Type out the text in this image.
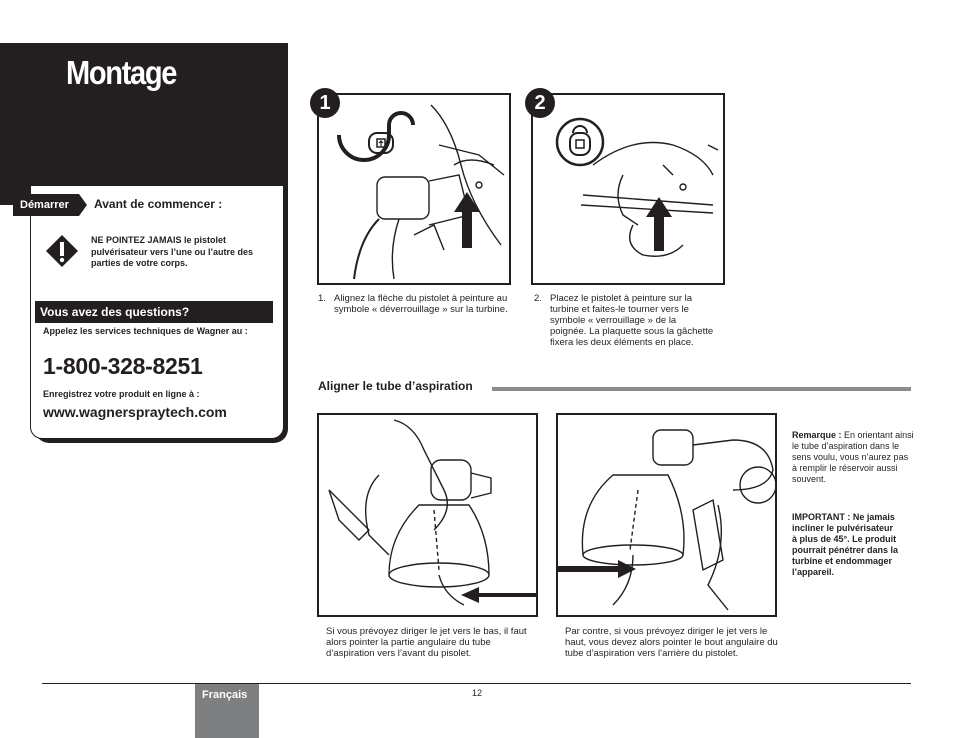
Montage
Démarrer	Avant de commencer :
NE POINTEZ JAMAIS le pistolet pulvérisateur vers l’une ou l’autre des parties de votre corps.
Vous avez des questions?
Appelez les services techniques de Wagner au :
1-800-328-8251
Enregistrez votre produit en ligne à :
www.wagnerspraytech.com
1	2
1. Alignez la flèche du pistolet à peinture au symbole « déverrouillage » sur la turbine.
2. Placez le pistolet à peinture sur la turbine et faites-le tourner vers le symbole « verrouillage » de la poignée. La plaquette sous la gâchette fixera les deux éléments en place.
Aligner le tube d’aspiration
Si vous prévoyez diriger le jet vers le bas, il faut alors pointer la partie angulaire du tube d’aspiration vers l’avant du pisolet.
Par contre, si vous prévoyez diriger le jet vers le haut, vous devez alors pointer le bout angulaire du tube d’aspiration vers l’arrière du pistolet.
Remarque : En orientant ainsi le tube d’aspiration dans le sens voulu, vous n’aurez pas à remplir le réservoir aussi souvent.
IMPORTANT : Ne jamais incliner le pulvérisateur à plus de 45°. Le produit pourrait pénétrer dans la turbine et endommager l’appareil.
Français	12
